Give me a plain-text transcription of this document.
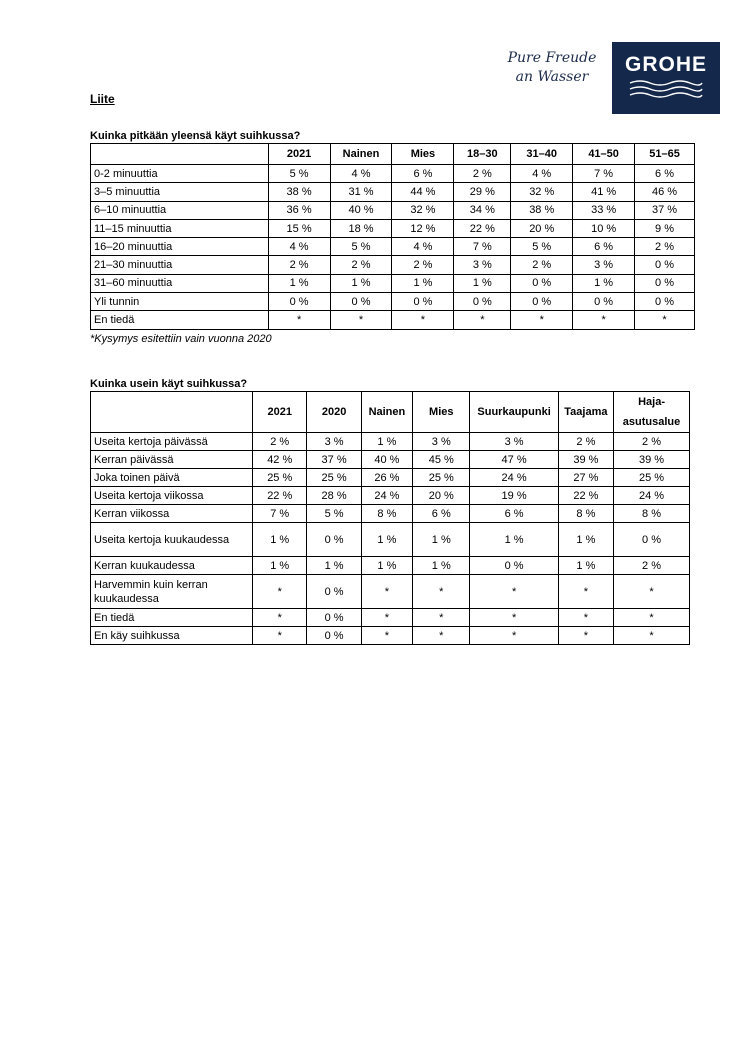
Pure Freude
an Wasser
GROHE
Liite
Kuinka pitkään yleensä käyt suihkussa?
	2021	Nainen	Mies	18–30	31–40	41–50	51–65
0-2 minuuttia	5 %	4 %	6 %	2 %	4 %	7 %	6 %
3–5 minuuttia	38 %	31 %	44 %	29 %	32 %	41 %	46 %
6–10 minuuttia	36 %	40 %	32 %	34 %	38 %	33 %	37 %
11–15 minuuttia	15 %	18 %	12 %	22 %	20 %	10 %	9 %
16–20 minuuttia	4 %	5 %	4 %	7 %	5 %	6 %	2 %
21–30 minuuttia	2 %	2 %	2 %	3 %	2 %	3 %	0 %
31–60 minuuttia	1 %	1 %	1 %	1 %	0 %	1 %	0 %
Yli tunnin	0 %	0 %	0 %	0 %	0 %	0 %	0 %
En tiedä	*	*	*	*	*	*	*
*Kysymys esitettiin vain vuonna 2020
Kuinka usein käyt suihkussa?
	2021	2020	Nainen	Mies	Suurkaupunki	Taajama	Haja-asutusalue
Useita kertoja päivässä	2 %	3 %	1 %	3 %	3 %	2 %	2 %
Kerran päivässä	42 %	37 %	40 %	45 %	47 %	39 %	39 %
Joka toinen päivä	25 %	25 %	26 %	25 %	24 %	27 %	25 %
Useita kertoja viikossa	22 %	28 %	24 %	20 %	19 %	22 %	24 %
Kerran viikossa	7 %	5 %	8 %	6 %	6 %	8 %	8 %
Useita kertoja kuukaudessa	1 %	0 %	1 %	1 %	1 %	1 %	0 %
Kerran kuukaudessa	1 %	1 %	1 %	1 %	0 %	1 %	2 %
Harvemmin kuin kerran kuukaudessa	*	0 %	*	*	*	*	*
En tiedä	*	0 %	*	*	*	*	*
En käy suihkussa	*	0 %	*	*	*	*	*
